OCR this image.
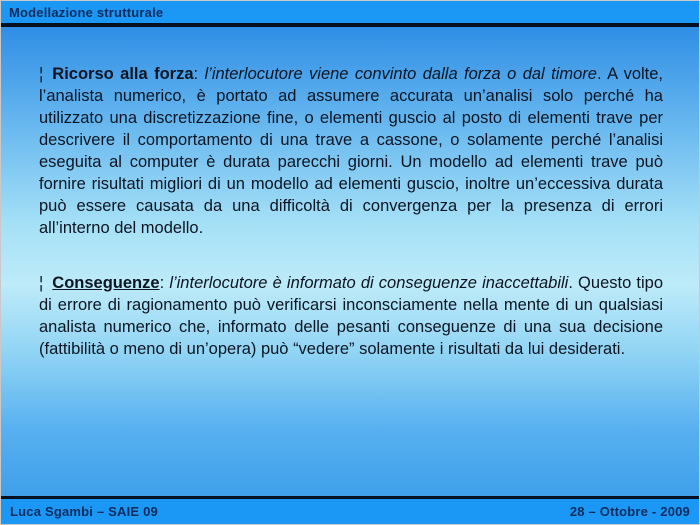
Modellazione strutturale

¦ Ricorso alla forza: l’interlocutore viene convinto dalla forza o dal timore. A volte, l’analista numerico, è portato ad assumere accurata un’analisi solo perché ha utilizzato una discretizzazione fine, o elementi guscio al posto di elementi trave per descrivere il comportamento di una trave a cassone, o solamente perché l’analisi eseguita al computer è durata parecchi giorni. Un modello ad elementi trave può fornire risultati migliori di un modello ad elementi guscio, inoltre un’eccessiva durata può essere causata da una difficoltà di convergenza per la presenza di errori all’interno del modello.

¦ Conseguenze: l’interlocutore è informato di conseguenze inaccettabili. Questo tipo di errore di ragionamento può verificarsi inconsciamente nella mente di un qualsiasi analista numerico che, informato delle pesanti conseguenze di una sua decisione (fattibilità o meno di un’opera) può “vedere” solamente i risultati da lui desiderati.

Luca Sgambi – SAIE 09	28 – Ottobre - 2009
